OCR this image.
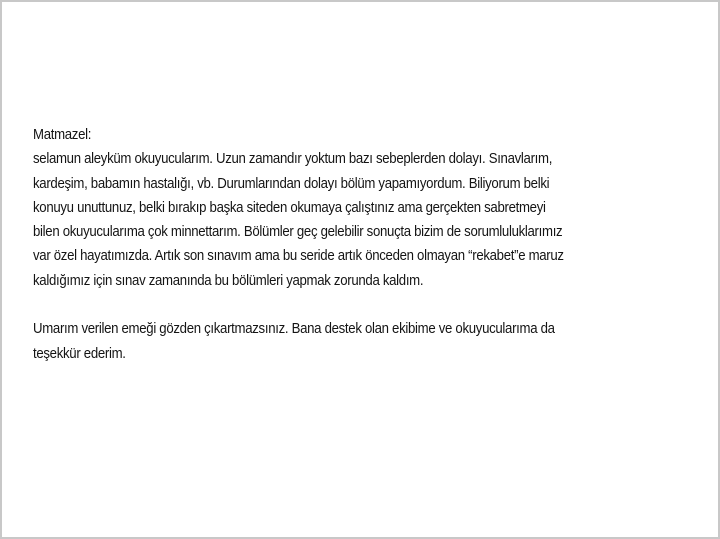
Matmazel:
selamun aleyküm okuyucularım. Uzun zamandır yoktum bazı sebeplerden dolayı. Sınavlarım,
kardeşim, babamın hastalığı, vb. Durumlarından dolayı bölüm yapamıyordum. Biliyorum belki
konuyu unuttunuz, belki bırakıp başka siteden okumaya çalıştınız ama gerçekten sabretmeyi
bilen okuyucularıma çok minnettarım. Bölümler geç gelebilir sonuçta bizim de sorumluluklarımız
var özel hayatımızda. Artık son sınavım ama bu seride artık önceden olmayan “rekabet”e maruz
kaldığımız için sınav zamanında bu bölümleri yapmak zorunda kaldım.
Umarım verilen emeği gözden çıkartmazsınız. Bana destek olan ekibime ve okuyucularıma da
teşekkür ederim.
